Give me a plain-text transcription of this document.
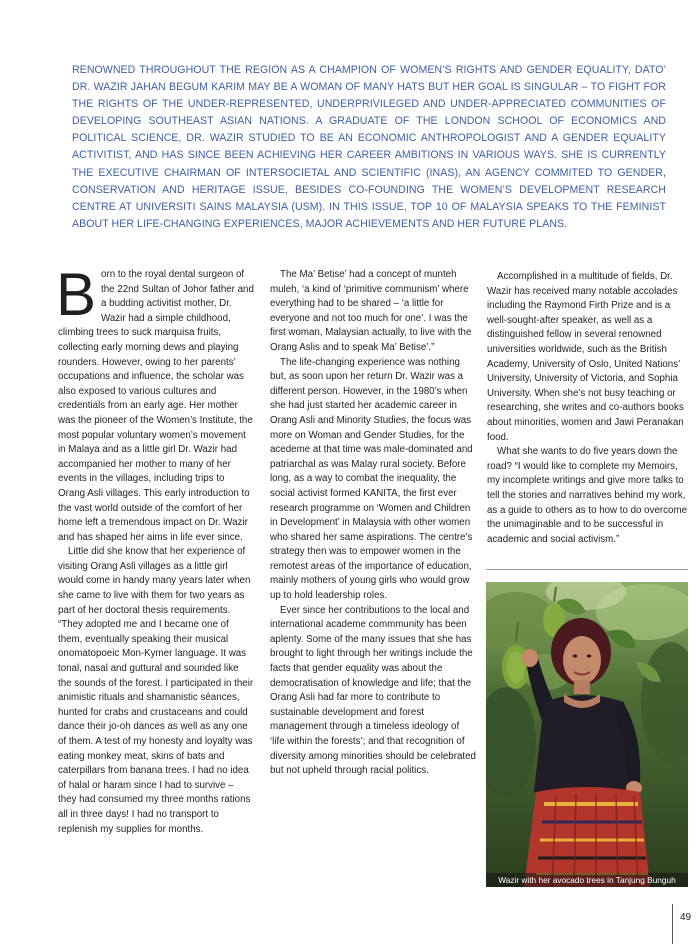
RENOWNED THROUGHOUT THE REGION AS A CHAMPION OF WOMEN’S RIGHTS AND GENDER EQUALITY, DATO’ DR. WAZIR JAHAN BEGUM KARIM MAY BE A WOMAN OF MANY HATS BUT HER GOAL IS SINGULAR – TO FIGHT FOR THE RIGHTS OF THE UNDER-REPRESENTED, UNDERPRIVILEGED AND UNDER-APPRECIATED COMMUNITIES OF DEVELOPING SOUTHEAST ASIAN NATIONS. A GRADUATE OF THE LONDON SCHOOL OF ECONOMICS AND POLITICAL SCIENCE, DR. WAZIR STUDIED TO BE AN ECONOMIC ANTHROPOLOGIST AND A GENDER EQUALITY ACTIVITIST, AND HAS SINCE BEEN ACHIEVING HER CAREER AMBITIONS IN VARIOUS WAYS. SHE IS CURRENTLY THE EXECUTIVE CHAIRMAN OF INTERSOCIETAL AND SCIENTIFIC (INAS), AN AGENCY COMMITED TO GENDER, CONSERVATION AND HERITAGE ISSUE, BESIDES CO-FOUNDING THE WOMEN’S DEVELOPMENT RESEARCH CENTRE AT UNIVERSITI SAINS MALAYSIA (USM). IN THIS ISSUE, TOP 10 OF MALAYSIA SPEAKS TO THE FEMINIST ABOUT HER LIFE-CHANGING EXPERIENCES, MAJOR ACHIEVEMENTS AND HER FUTURE PLANS.

Born to the royal dental surgeon of the 22nd Sultan of Johor father and a budding activitist mother, Dr. Wazir had a simple childhood, climbing trees to suck marquisa fruits, collecting early morning dews and playing rounders. However, owing to her parents’ occupations and influence, the scholar was also exposed to various cultures and credentials from an early age. Her mother was the pioneer of the Women’s Institute, the most popular voluntary women’s movement in Malaya and as a little girl Dr. Wazir had accompanied her mother to many of her events in the villages, including trips to Orang Asli villages. This early introduction to the vast world outside of the comfort of her home left a tremendous impact on Dr. Wazir and has shaped her aims in life ever since.

Little did she know that her experience of visiting Orang Asli villages as a little girl would come in handy many years later when she came to live with them for two years as part of her doctoral thesis requirements. “They adopted me and I became one of them, eventually speaking their musical onomatopoeic Mon-Kymer language. It was tonal, nasal and guttural and sounded like the sounds of the forest. I participated in their animistic rituals and shamanistic séances, hunted for crabs and crustaceans and could dance their jo-oh dances as well as any one of them. A test of my honesty and loyalty was eating monkey meat, skins of bats and caterpillars from banana trees. I had no idea of halal or haram since I had to survive – they had consumed my three months rations all in three days! I had no transport to replenish my supplies for months.

The Ma’ Betise’ had a concept of munteh muleh, ‘a kind of ‘primitive communism’ where everything had to be shared – ‘a little for everyone and not too much for one’. I was the first woman, Malaysian actually, to live with the Orang Aslis and to speak Ma’ Betise’.”

The life-changing experience was nothing but, as soon upon her return Dr. Wazir was a different person. However, in the 1980’s when she had just started her academic career in Orang Asli and Minority Studies, the focus was more on Woman and Gender Studies, for the acedeme at that time was male-dominated and patriarchal as was Malay rural society. Before long, as a way to combat the inequality, the social activist formed KANITA, the first ever research programme on ‘Women and Children in Development’ in Malaysia with other women who shared her same aspirations. The centre’s strategy then was to empower women in the remotest areas of the importance of education, mainly mothers of young girls who would grow up to hold leadership roles.

Ever since her contributions to the local and international academe commmunity has been aplenty. Some of the many issues that she has brought to light through her writings include the facts that gender equality was about the democratisation of knowledge and life; that the Orang Asli had far more to contribute to sustainable development and forest management through a timeless ideology of ‘life within the forests’; and that recognition of diversity among minorities should be celebrated but not upheld through racial politics.

Accomplished in a multitude of fields, Dr. Wazir has received many notable accolades including the Raymond Firth Prize and is a well-sought-after speaker, as well as a distinguished fellow in several renowned universities worldwide, such as the British Academy, University of Oslo, United Nations’ University, University of Victoria, and Sophia University. When she’s not busy teaching or researching, she writes and co-authors books about minorities, women and Jawi Peranakan food.

What she wants to do five years down the road? “I would like to complete my Memoirs, my incomplete writings and give more talks to tell the stories and narratives behind my work, as a guide to others as to how to do overcome the unimaginable and to be successful in academic and social activism.”

Wazir with her avocado trees in Tanjung Bunguh
49
